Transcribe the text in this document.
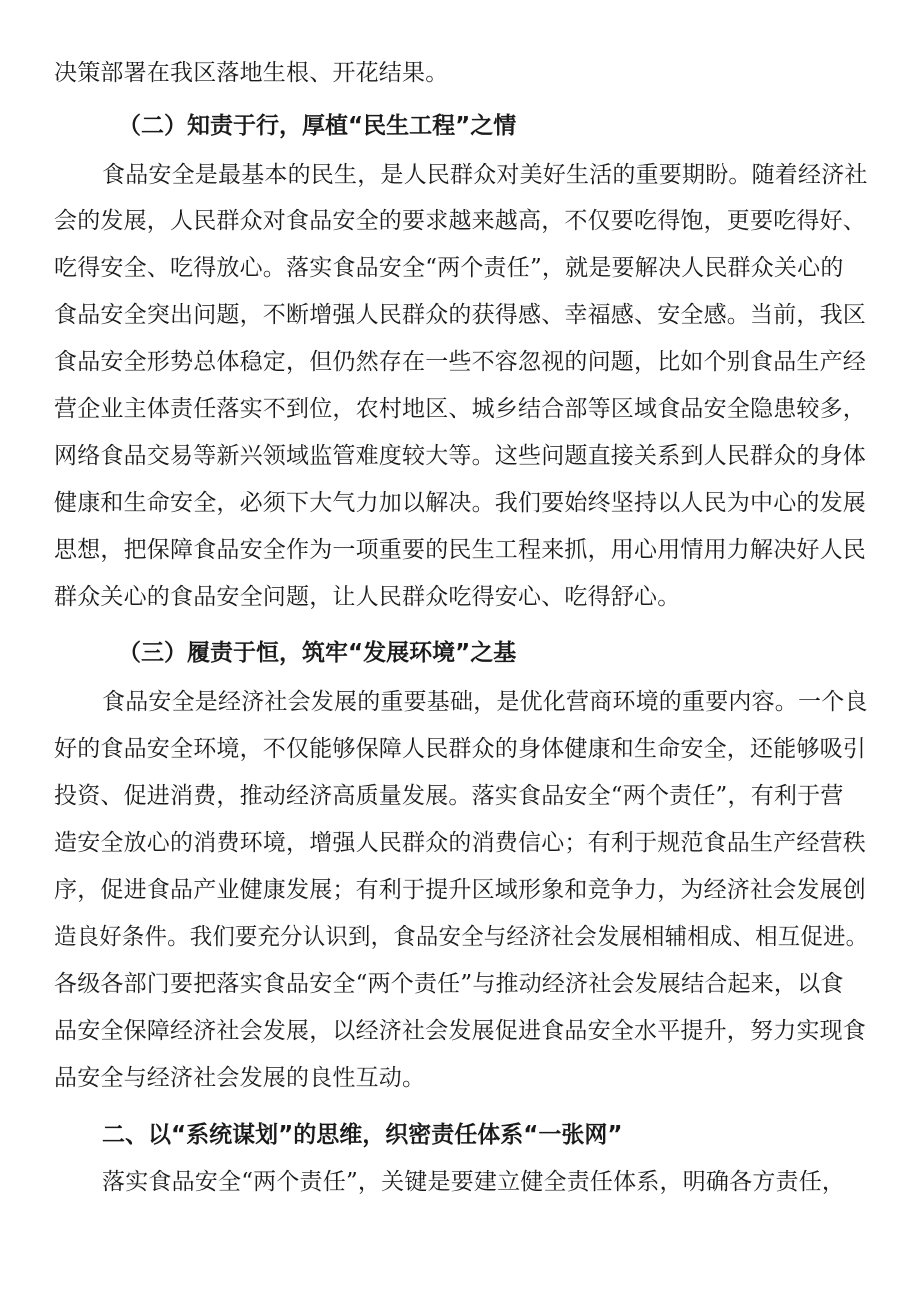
决策部署在我区落地生根、开花结果。
（二）知责于行，厚植“民生工程”之情
食品安全是最基本的民生，是人民群众对美好生活的重要期盼。随着经济社
会的发展，人民群众对食品安全的要求越来越高，不仅要吃得饱，更要吃得好、
吃得安全、吃得放心。落实食品安全“两个责任”，就是要解决人民群众关心的
食品安全突出问题，不断增强人民群众的获得感、幸福感、安全感。当前，我区
食品安全形势总体稳定，但仍然存在一些不容忽视的问题，比如个别食品生产经
营企业主体责任落实不到位，农村地区、城乡结合部等区域食品安全隐患较多，
网络食品交易等新兴领域监管难度较大等。这些问题直接关系到人民群众的身体
健康和生命安全，必须下大气力加以解决。我们要始终坚持以人民为中心的发展
思想，把保障食品安全作为一项重要的民生工程来抓，用心用情用力解决好人民
群众关心的食品安全问题，让人民群众吃得安心、吃得舒心。
（三）履责于恒，筑牢“发展环境”之基
食品安全是经济社会发展的重要基础，是优化营商环境的重要内容。一个良
好的食品安全环境，不仅能够保障人民群众的身体健康和生命安全，还能够吸引
投资、促进消费，推动经济高质量发展。落实食品安全“两个责任”，有利于营
造安全放心的消费环境，增强人民群众的消费信心；有利于规范食品生产经营秩
序，促进食品产业健康发展；有利于提升区域形象和竞争力，为经济社会发展创
造良好条件。我们要充分认识到，食品安全与经济社会发展相辅相成、相互促进。
各级各部门要把落实食品安全“两个责任”与推动经济社会发展结合起来，以食
品安全保障经济社会发展，以经济社会发展促进食品安全水平提升，努力实现食
品安全与经济社会发展的良性互动。
二、以“系统谋划”的思维，织密责任体系“一张网”
落实食品安全“两个责任”，关键是要建立健全责任体系，明确各方责任，
